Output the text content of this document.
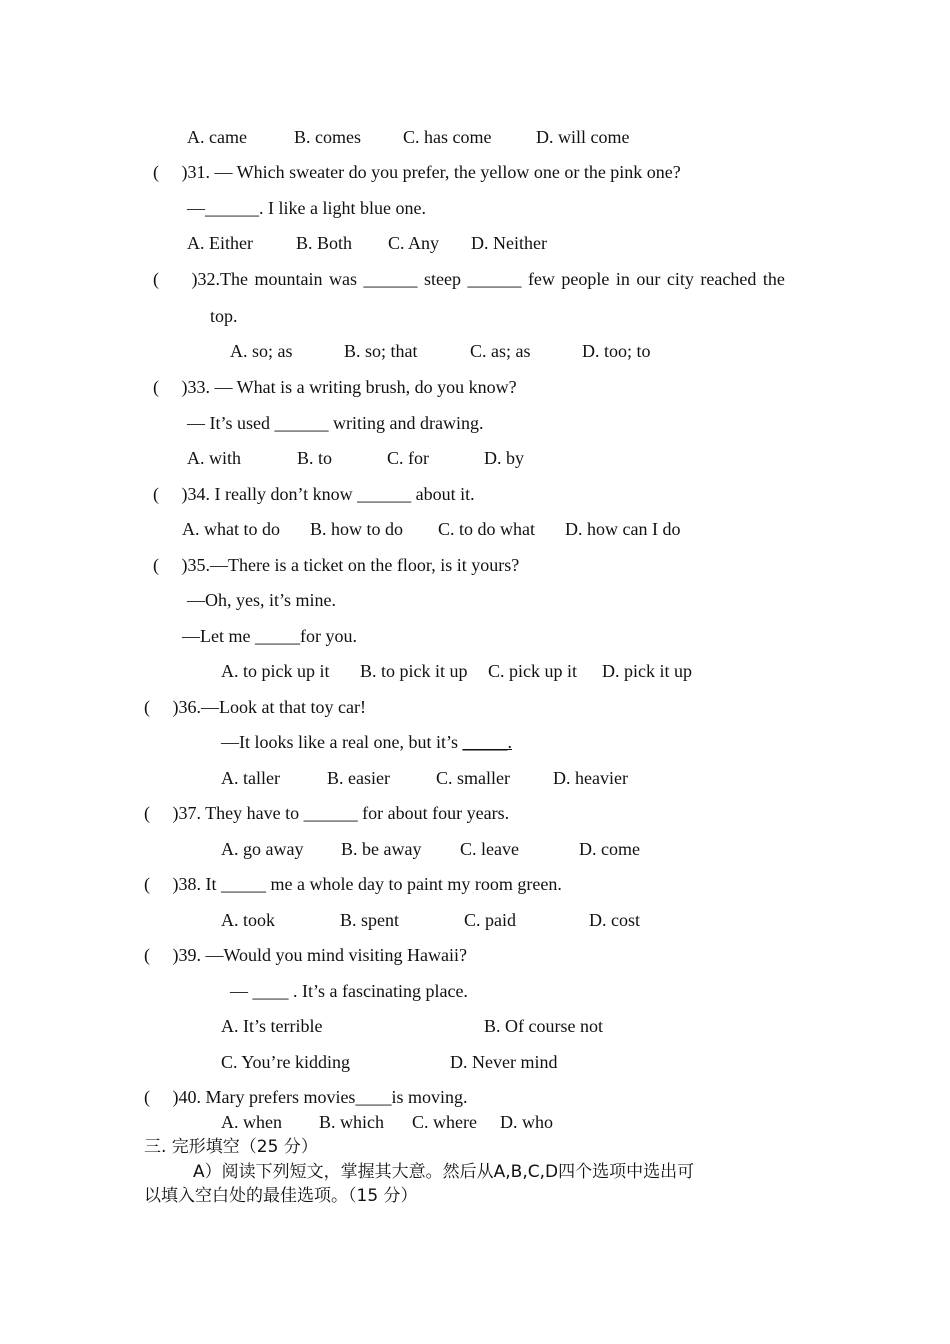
A. came	B. comes C. has come D. will come
(     )31. — Which sweater do you prefer, the yellow one or the pink one?
—______. I like a light blue one.
A. Either B. Both C. Any D. Neither
(     )32.The mountain was ______ steep ______ few people in our city reached the
top.
A. so; as	B. so; that	C. as; as	D. too; to
(     )33. — What is a writing brush, do you know?
— It’s used ______ writing and drawing.
A. with	B. to	C. for	D. by
(     )34. I really don’t know ______ about it.
A. what to do B. how to do C. to do what D. how can I do
(     )35.—There is a ticket on the floor, is it yours?
—Oh, yes, it’s mine.
—Let me _____for you.
A. to pick up it B. to pick it up C. pick up it D. pick it up
(     )36.—Look at that toy car!
—It looks like a real one, but it’s _____.
A. taller	B. easier	C. smaller D. heavier
(     )37. They have to ______ for about four years.
A. go away B. be away C. leave	D. come
(     )38. It _____ me a whole day to paint my room green.
A. took	B. spent	C. paid	D. cost
(     )39. —Would you mind visiting Hawaii?
— ____ . It’s a fascinating place.
A. It’s terrible	B. Of course not
C. You’re kidding	D. Never mind
(     )40. Mary prefers movies____is moving.
A. when B. which C. where D. who
三. 完形填空（25 分）
A）阅读下列短文，掌握其大意。然后从A,B,C,D四个选项中选出可
以填入空白处的最佳选项。（15 分）
